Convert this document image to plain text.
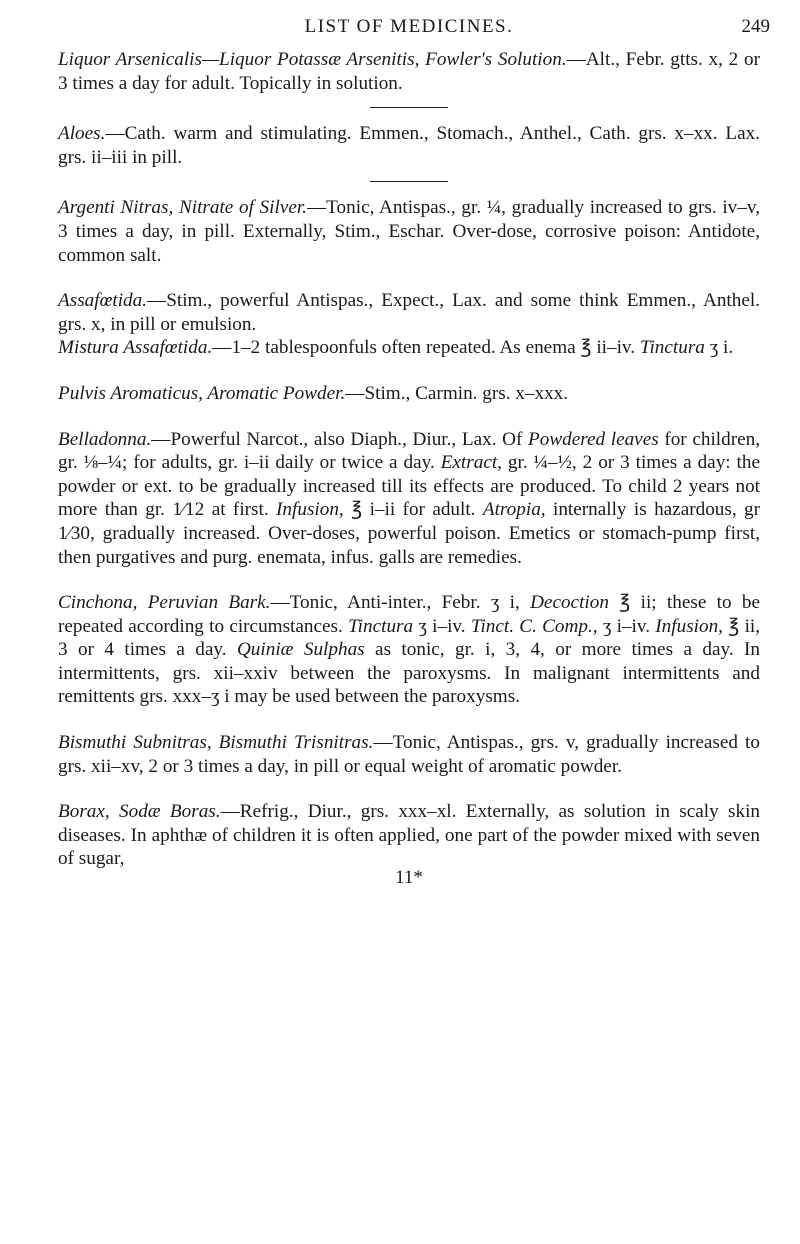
LIST OF MEDICINES.	249

Liquor Arsenicalis—Liquor Potassæ Arsenitis, Fowler's Solution.—Alt., Febr. gtts. x, 2 or 3 times a day for adult. Topically in solution.

Aloes.—Cath. warm and stimulating. Emmen., Stomach., Anthel., Cath. grs. x–xx. Lax. grs. ii–iii in pill.

Argenti Nitras, Nitrate of Silver.—Tonic, Antispas., gr. ¼, gradually increased to grs. iv–v, 3 times a day, in pill. Externally, Stim., Eschar. Over-dose, corrosive poison: Antidote, common salt.

Assafœtida.—Stim., powerful Antispas., Expect., Lax. and some think Emmen., Anthel. grs. x, in pill or emulsion.
Mistura Assafœtida.—1–2 tablespoonfuls often repeated. As enema ℥ ii–iv. Tinctura ʒ i.

Pulvis Aromaticus, Aromatic Powder.—Stim., Carmin. grs. x–xxx.

Belladonna.—Powerful Narcot., also Diaph., Diur., Lax. Of Powdered leaves for children, gr. ⅛–¼; for adults, gr. i–ii daily or twice a day. Extract, gr. ¼–½, 2 or 3 times a day: the powder or ext. to be gradually increased till its effects are produced. To child 2 years not more than gr. 1⁄12 at first. Infusion, ℥ i–ii for adult. Atropia, internally is hazardous, gr 1⁄30, gradually increased. Over-doses, powerful poison. Emetics or stomach-pump first, then purgatives and purg. enemata, infus. galls are remedies.

Cinchona, Peruvian Bark.—Tonic, Anti-inter., Febr. ʒ i, Decoction ℥ ii; these to be repeated according to circumstances. Tinctura ʒ i–iv. Tinct. C. Comp., ʒ i–iv. Infusion, ℥ ii, 3 or 4 times a day. Quiniæ Sulphas as tonic, gr. i, 3, 4, or more times a day. In intermittents, grs. xii–xxiv between the paroxysms. In malignant intermittents and remittents grs. xxx–ʒ i may be used between the paroxysms.

Bismuthi Subnitras, Bismuthi Trisnitras.—Tonic, Antispas., grs. v, gradually increased to grs. xii–xv, 2 or 3 times a day, in pill or equal weight of aromatic powder.

Borax, Sodæ Boras.—Refrig., Diur., grs. xxx–xl. Externally, as solution in scaly skin diseases. In aphthæ of children it is often applied, one part of the powder mixed with seven of sugar,

11*
